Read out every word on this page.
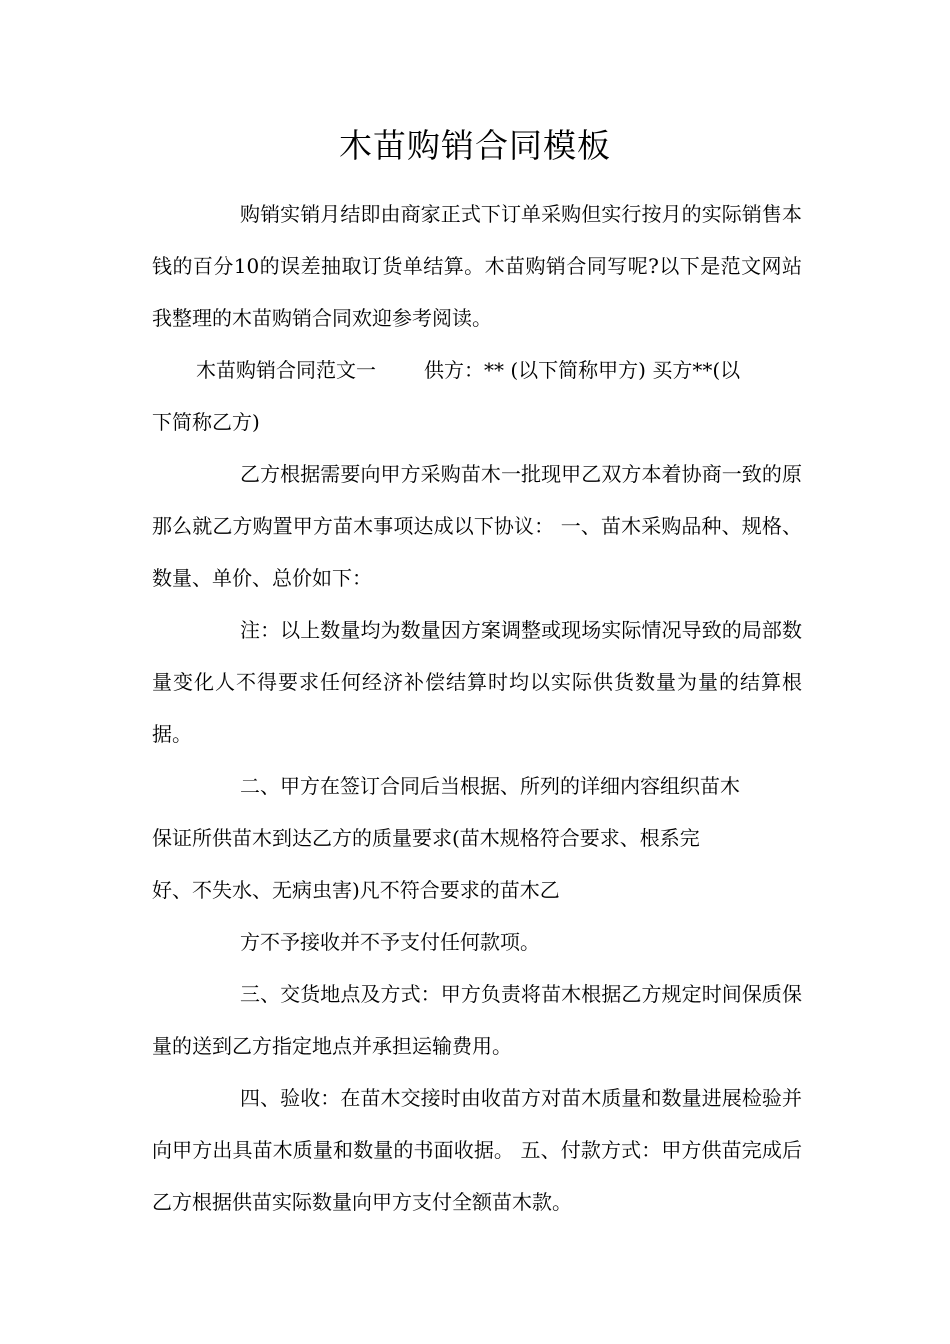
木苗购销合同模板

购销实销月结即由商家正式下订单采购但实行按月的实际销售本钱的百分10的误差抽取订货单结算。木苗购销合同写呢?以下是范文网站我整理的木苗购销合同欢迎参考阅读。

木苗购销合同范文一 供方：** (以下简称甲方) 买方**(以
下简称乙方)

乙方根据需要向甲方采购苗木一批现甲乙双方本着协商一致的原那么就乙方购置甲方苗木事项达成以下协议： 一、苗木采购品种、规格、数量、单价、总价如下：

注：以上数量均为数量因方案调整或现场实际情况导致的局部数量变化人不得要求任何经济补偿结算时均以实际供货数量为量的结算根据。

二、甲方在签订合同后当根据、所列的详细内容组织苗木
保证所供苗木到达乙方的质量要求(苗木规格符合要求、根系完
好、不失水、无病虫害)凡不符合要求的苗木乙

方不予接收并不予支付任何款项。

三、交货地点及方式：甲方负责将苗木根据乙方规定时间保质保量的送到乙方指定地点并承担运输费用。

四、验收：在苗木交接时由收苗方对苗木质量和数量进展检验并向甲方出具苗木质量和数量的书面收据。 五、付款方式：甲方供苗完成后乙方根据供苗实际数量向甲方支付全额苗木款。
